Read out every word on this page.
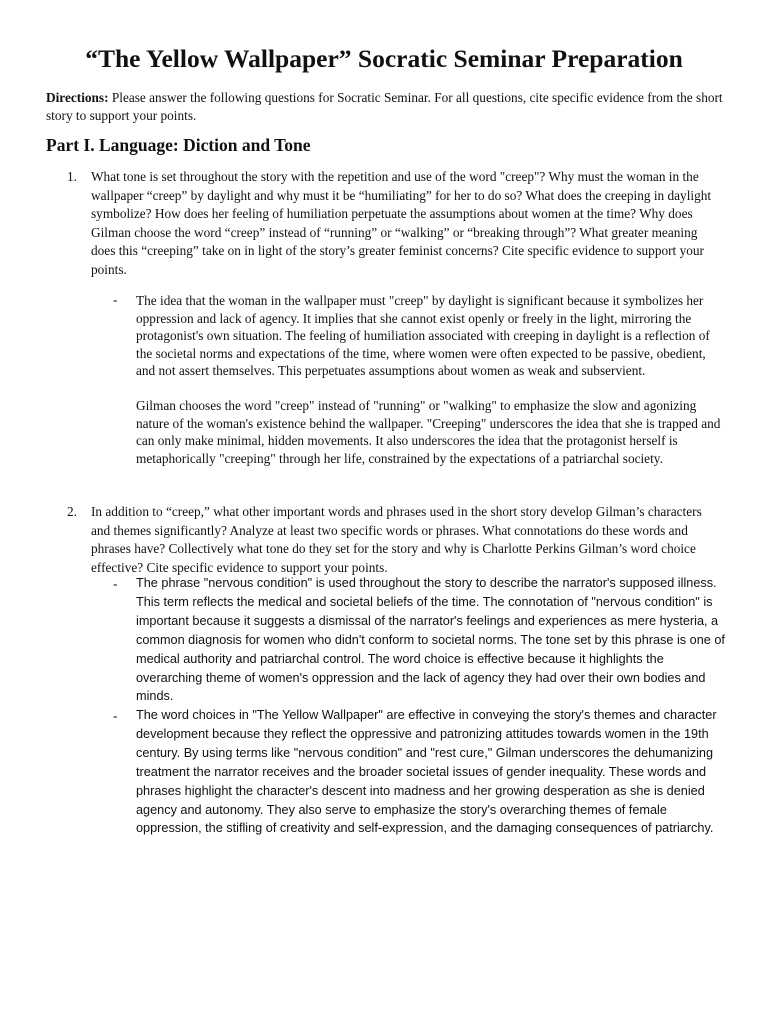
“The Yellow Wallpaper” Socratic Seminar Preparation

Directions: Please answer the following questions for Socratic Seminar. For all questions, cite specific evidence from the short story to support your points.

Part I. Language: Diction and Tone
1. What tone is set throughout the story with the repetition and use of the word "creep"? Why must the woman in the wallpaper “creep” by daylight and why must it be “humiliating” for her to do so? What does the creeping in daylight symbolize? How does her feeling of humiliation perpetuate the assumptions about women at the time? Why does Gilman choose the word “creep” instead of “running” or “walking” or “breaking through”? What greater meaning does this “creeping” take on in light of the story’s greater feminist concerns? Cite specific evidence to support your points.

- The idea that the woman in the wallpaper must "creep" by daylight is significant because it symbolizes her oppression and lack of agency. It implies that she cannot exist openly or freely in the light, mirroring the protagonist's own situation. The feeling of humiliation associated with creeping in daylight is a reflection of the societal norms and expectations of the time, where women were often expected to be passive, obedient, and not assert themselves. This perpetuates assumptions about women as weak and subservient.

Gilman chooses the word "creep" instead of "running" or "walking" to emphasize the slow and agonizing nature of the woman's existence behind the wallpaper. "Creeping" underscores the idea that she is trapped and can only make minimal, hidden movements. It also underscores the idea that the protagonist herself is metaphorically "creeping" through her life, constrained by the expectations of a patriarchal society.

2. In addition to “creep,” what other important words and phrases used in the short story develop Gilman’s characters and themes significantly? Analyze at least two specific words or phrases. What connotations do these words and phrases have? Collectively what tone do they set for the story and why is Charlotte Perkins Gilman’s word choice effective? Cite specific evidence to support your points.

- The phrase "nervous condition" is used throughout the story to describe the narrator's supposed illness. This term reflects the medical and societal beliefs of the time. The connotation of "nervous condition" is important because it suggests a dismissal of the narrator's feelings and experiences as mere hysteria, a common diagnosis for women who didn't conform to societal norms. The tone set by this phrase is one of medical authority and patriarchal control. The word choice is effective because it highlights the overarching theme of women's oppression and the lack of agency they had over their own bodies and minds.

- The word choices in "The Yellow Wallpaper" are effective in conveying the story's themes and character development because they reflect the oppressive and patronizing attitudes towards women in the 19th century. By using terms like "nervous condition" and "rest cure," Gilman underscores the dehumanizing treatment the narrator receives and the broader societal issues of gender inequality. These words and phrases highlight the character's descent into madness and her growing desperation as she is denied agency and autonomy. They also serve to emphasize the story's overarching themes of female oppression, the stifling of creativity and self-expression, and the damaging consequences of patriarchy.
